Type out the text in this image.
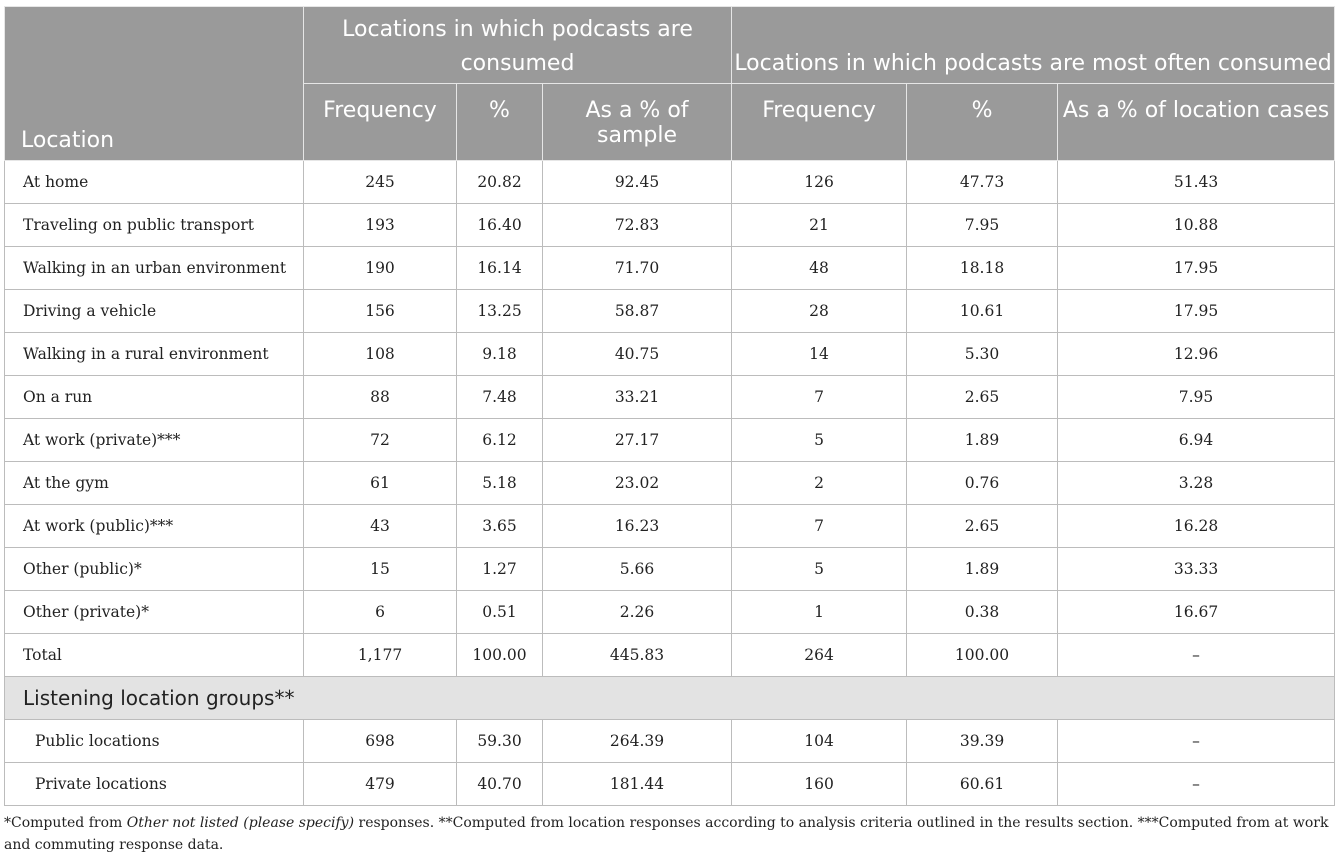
Location	Locations in which podcasts are consumed			Locations in which podcasts are most often consumed		
	Frequency	%	As a % of sample	Frequency	%	As a % of location cases
At home	245	20.82	92.45	126	47.73	51.43
Traveling on public transport	193	16.40	72.83	21	7.95	10.88
Walking in an urban environment	190	16.14	71.70	48	18.18	17.95
Driving a vehicle	156	13.25	58.87	28	10.61	17.95
Walking in a rural environment	108	9.18	40.75	14	5.30	12.96
On a run	88	7.48	33.21	7	2.65	7.95
At work (private)***	72	6.12	27.17	5	1.89	6.94
At the gym	61	5.18	23.02	2	0.76	3.28
At work (public)***	43	3.65	16.23	7	2.65	16.28
Other (public)*	15	1.27	5.66	5	1.89	33.33
Other (private)*	6	0.51	2.26	1	0.38	16.67
Total	1,177	100.00	445.83	264	100.00	–
Listening location groups**						
Public locations	698	59.30	264.39	104	39.39	–
Private locations	479	40.70	181.44	160	60.61	–
*Computed from Other not listed (please specify) responses. **Computed from location responses according to analysis criteria outlined in the results section. ***Computed from at work and commuting response data.
